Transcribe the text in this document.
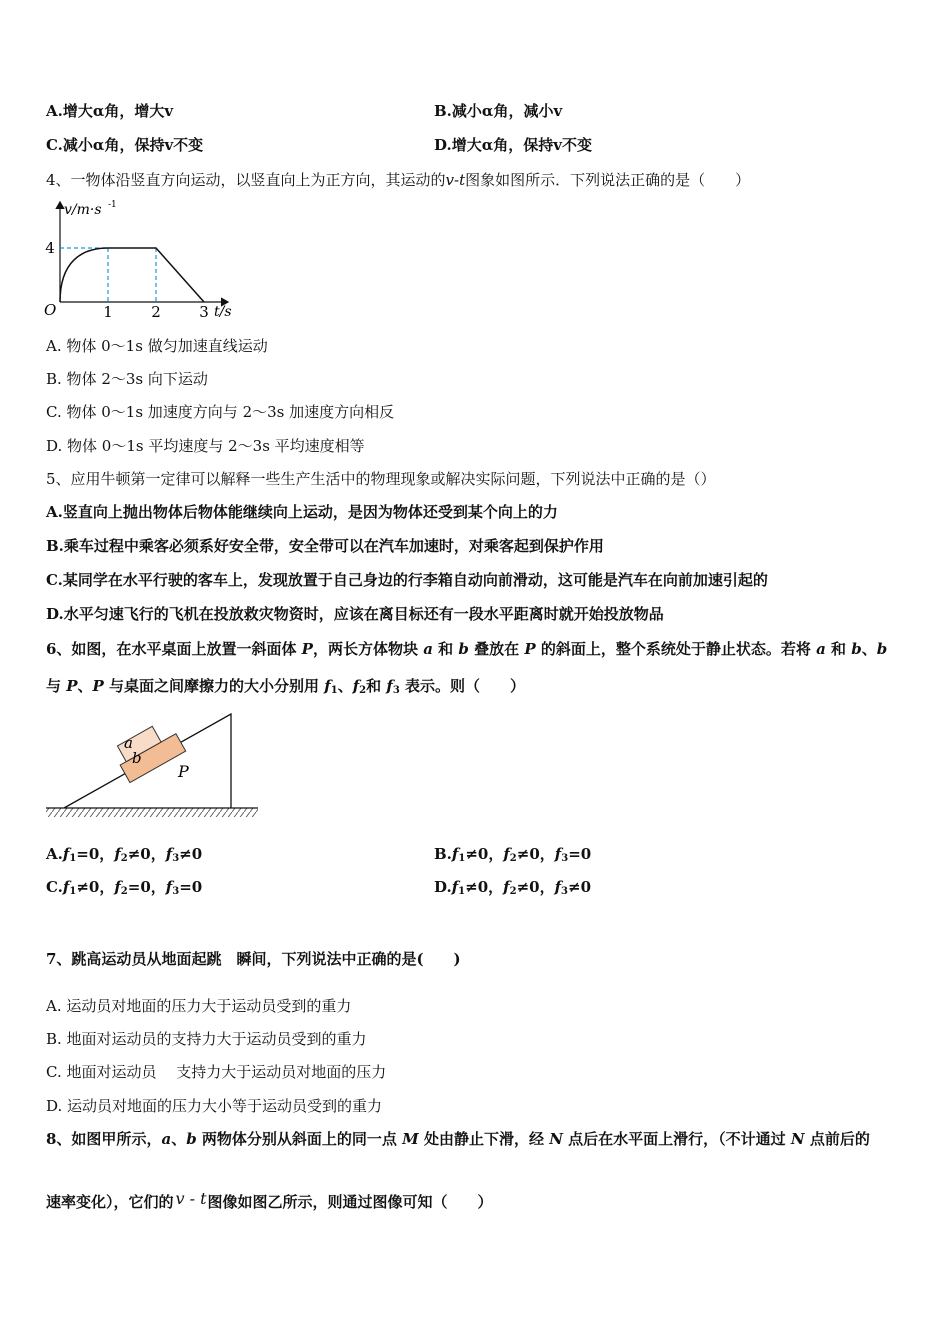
A.增大α角，增大v	B.减小α角，减小v
C.减小α角，保持v不变	D.增大α角，保持v不变
4、一物体沿竖直方向运动，以竖直向上为正方向，其运动的v-t图象如图所示．下列说法正确的是（　　）
v/m·s -1
t/s
O
4
1	2	3
A. 物体 0～1s 做匀加速直线运动
B. 物体 2～3s 向下运动
C. 物体 0～1s 加速度方向与 2～3s 加速度方向相反
D. 物体 0～1s 平均速度与 2～3s 平均速度相等
5、应用牛顿第一定律可以解释一些生产生活中的物理现象或解决实际问题，下列说法中正确的是（）
A.竖直向上抛出物体后物体能继续向上运动，是因为物体还受到某个向上的力
B.乘车过程中乘客必须系好安全带，安全带可以在汽车加速时，对乘客起到保护作用
C.某同学在水平行驶的客车上，发现放置于自己身边的行李箱自动向前滑动，这可能是汽车在向前加速引起的
D.水平匀速飞行的飞机在投放救灾物资时，应该在离目标还有一段水平距离时就开始投放物品
6、如图，在水平桌面上放置一斜面体 P，两长方体物块 a 和 b 叠放在 P 的斜面上，整个系统处于静止状态。若将 a 和 b、b
与 P、P 与桌面之间摩擦力的大小分别用 $f_1$、$f_2$和 $f_3$ 表示。则（　　）
a
b
P
$A.f_1=0$，$f_2\ne 0$，$f_3\ne 0$	$B.f_1\ne 0$，$f_2\ne 0$，$f_3=0$
$C.f_1\ne 0$，$f_2=0$，$f_3=0$	$D.f_1\ne 0$，$f_2\ne 0$，$f_3\ne 0$
7、跳高运动员从地面起跳　瞬间，下列说法中正确的是(　　)
A. 运动员对地面的压力大于运动员受到的重力
B. 地面对运动员的支持力大于运动员受到的重力
C. 地面对运动员　 支持力大于运动员对地面的压力
D. 运动员对地面的压力大小等于运动员受到的重力
8、如图甲所示，a、b 两物体分别从斜面上的同一点 M 处由静止下滑，经 N 点后在水平面上滑行，（不计通过 N 点前后的
速率变化），它们的 v - t 图像如图乙所示，则通过图像可知（　　）
